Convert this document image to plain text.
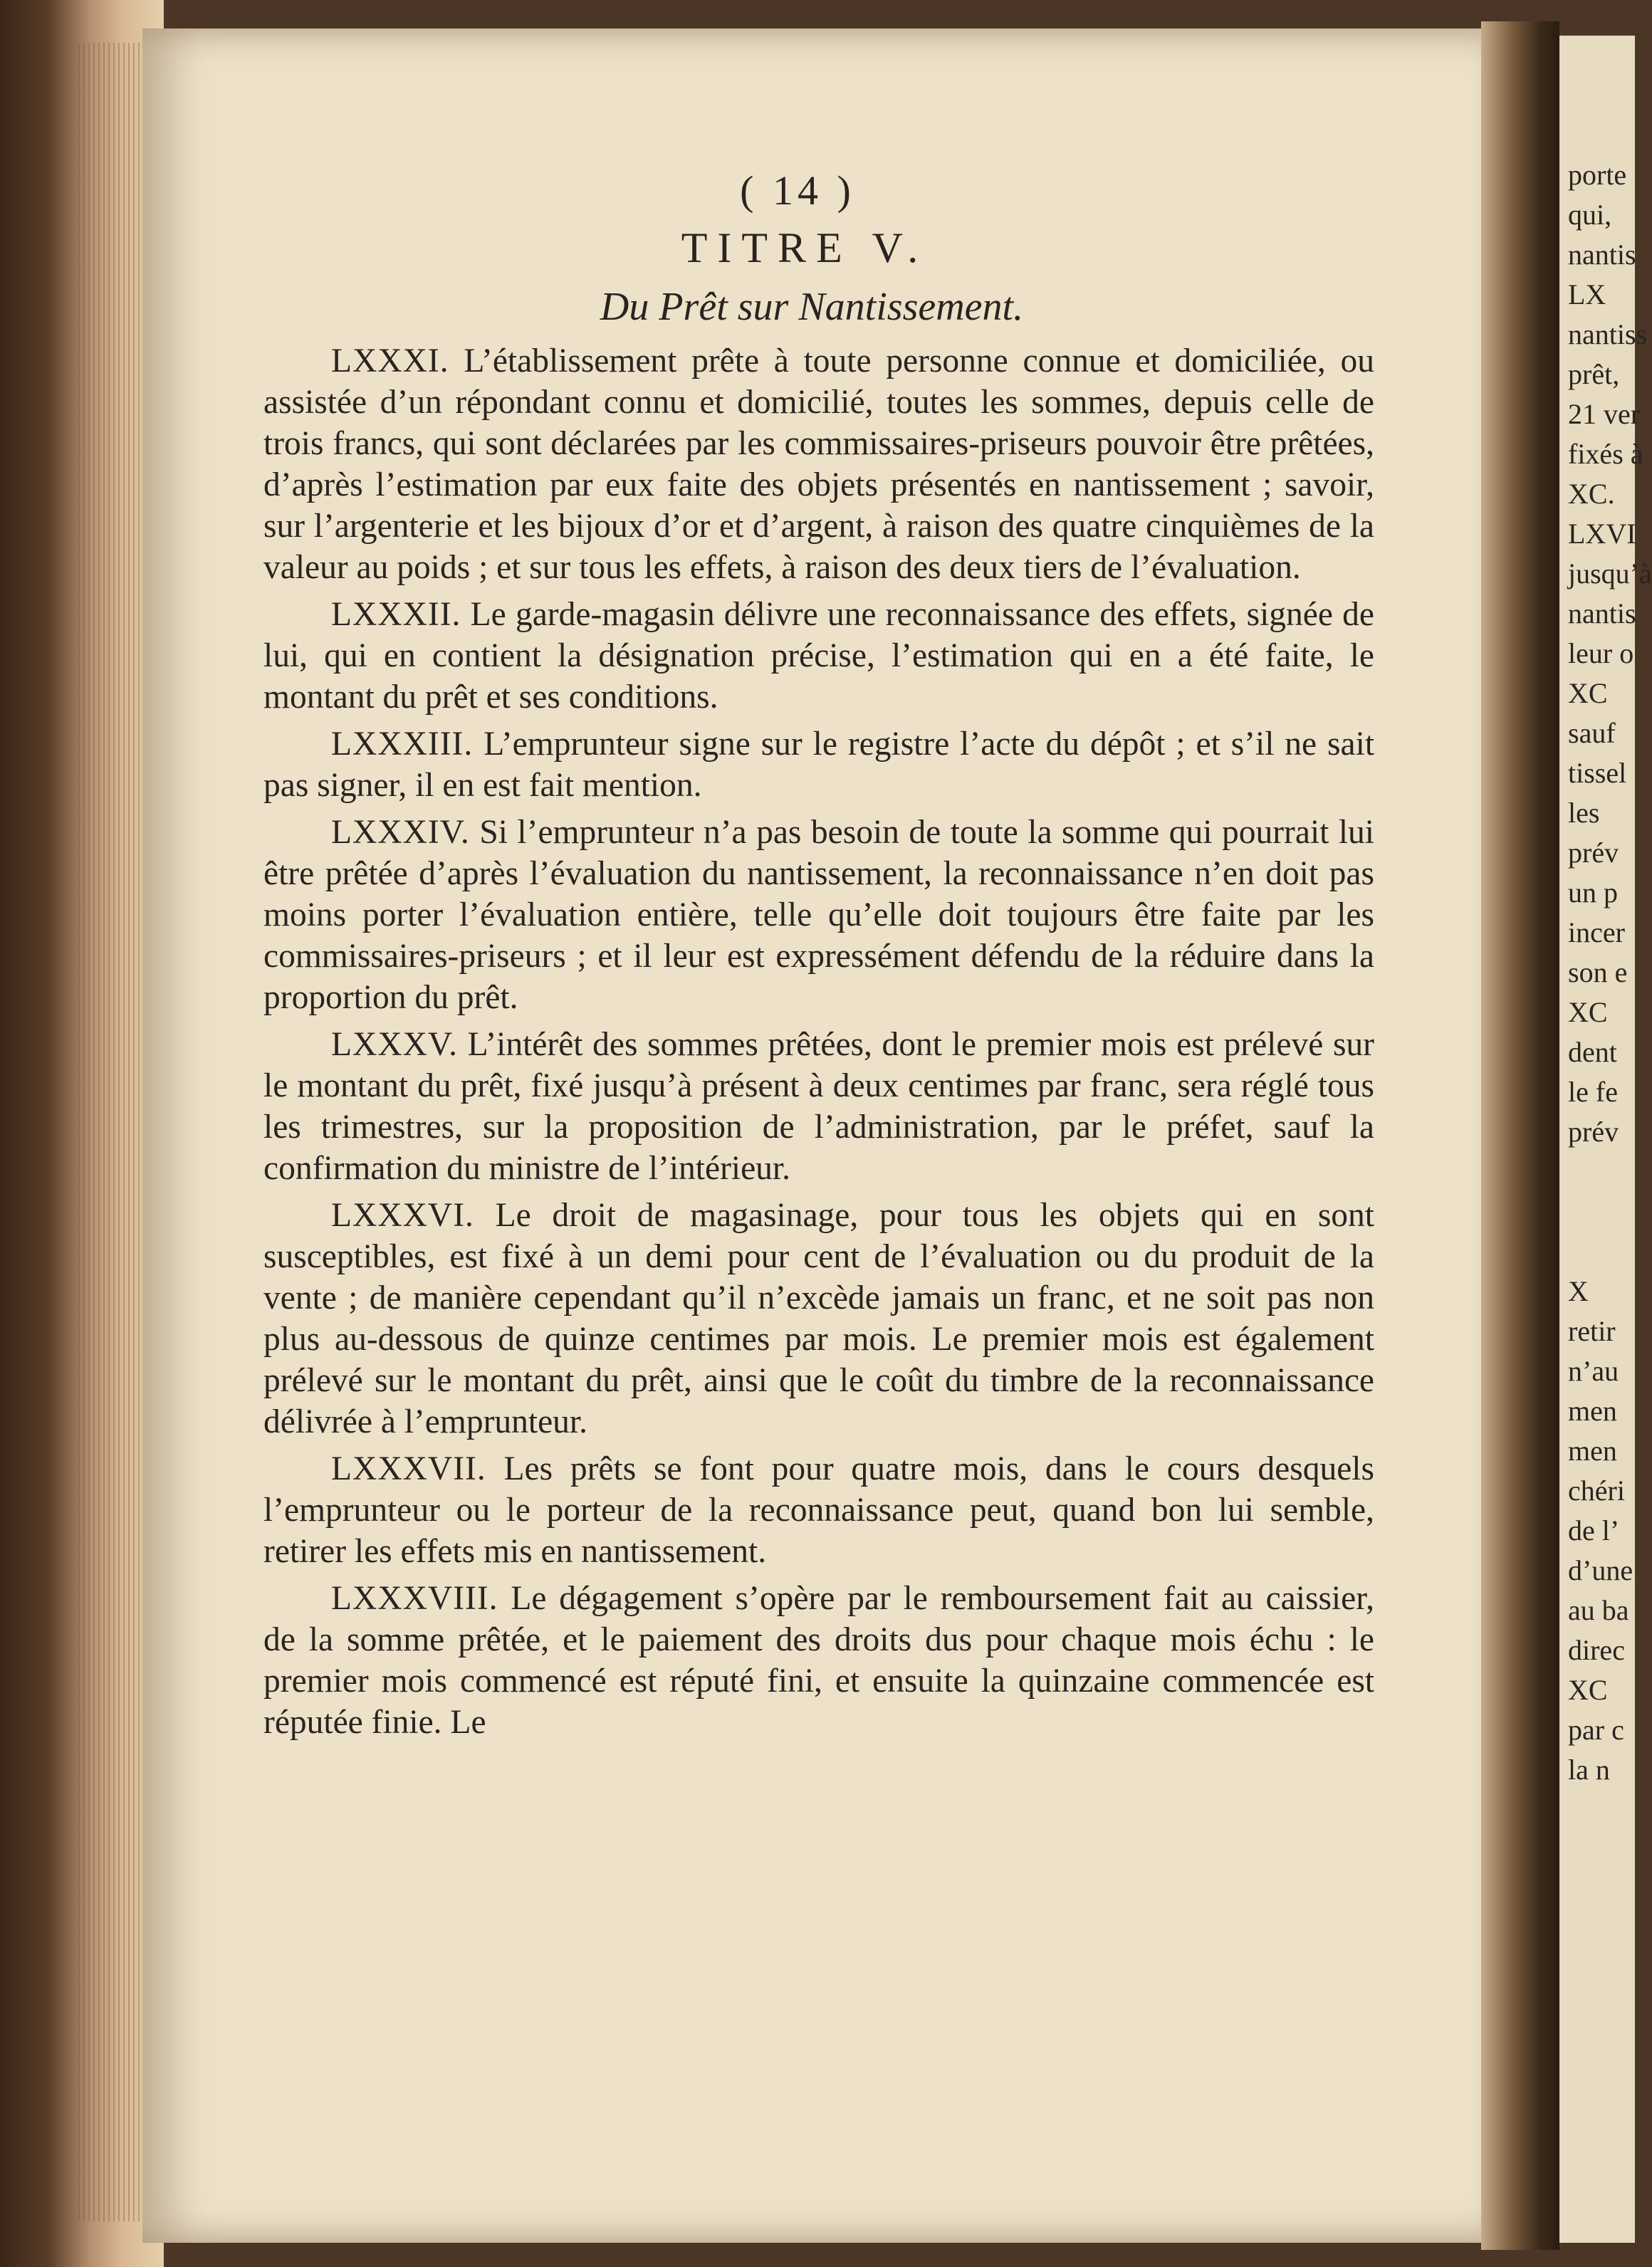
porte
qui,
nantis
LX
nantiss
prêt,
21 ver
fixés à
XC.
LXVI
jusqu’à
nantis
leur o
XC
sauf
tissel
les
prév
un p
incer
son e
XC
dent
le fe
prév
X
retir
n’au
men
men
chéri
de l’
d’une
au ba
direc
XC
par c
la n
( 14 )
TITRE V.
Du Prêt sur Nantissement.

LXXXI. L’établissement prête à toute personne connue et domiciliée, ou assistée d’un répondant connu et domicilié, toutes les sommes, depuis celle de trois francs, qui sont déclarées par les commissaires-priseurs pouvoir être prêtées, d’après l’estimation par eux faite des objets présentés en nantissement ; savoir, sur l’argenterie et les bijoux d’or et d’argent, à raison des quatre cinquièmes de la valeur au poids ; et sur tous les effets, à raison des deux tiers de l’évaluation.

LXXXII. Le garde-magasin délivre une reconnaissance des effets, signée de lui, qui en contient la désignation précise, l’estimation qui en a été faite, le montant du prêt et ses conditions.

LXXXIII. L’emprunteur signe sur le registre l’acte du dépôt ; et s’il ne sait pas signer, il en est fait mention.

LXXXIV. Si l’emprunteur n’a pas besoin de toute la somme qui pourrait lui être prêtée d’après l’évaluation du nantissement, la reconnaissance n’en doit pas moins porter l’évaluation entière, telle qu’elle doit toujours être faite par les commissaires-priseurs ; et il leur est expressément défendu de la réduire dans la proportion du prêt.

LXXXV. L’intérêt des sommes prêtées, dont le premier mois est prélevé sur le montant du prêt, fixé jusqu’à présent à deux centimes par franc, sera réglé tous les trimestres, sur la proposition de l’administration, par le préfet, sauf la confirmation du ministre de l’intérieur.

LXXXVI. Le droit de magasinage, pour tous les objets qui en sont susceptibles, est fixé à un demi pour cent de l’évaluation ou du produit de la vente ; de manière cependant qu’il n’excède jamais un franc, et ne soit pas non plus au-dessous de quinze centimes par mois. Le premier mois est également prélevé sur le montant du prêt, ainsi que le coût du timbre de la reconnaissance délivrée à l’emprunteur.

LXXXVII. Les prêts se font pour quatre mois, dans le cours desquels l’emprunteur ou le porteur de la reconnaissance peut, quand bon lui semble, retirer les effets mis en nantissement.

LXXXVIII. Le dégagement s’opère par le remboursement fait au caissier, de la somme prêtée, et le paiement des droits dus pour chaque mois échu : le premier mois commencé est réputé fini, et ensuite la quinzaine commencée est réputée finie. Le
